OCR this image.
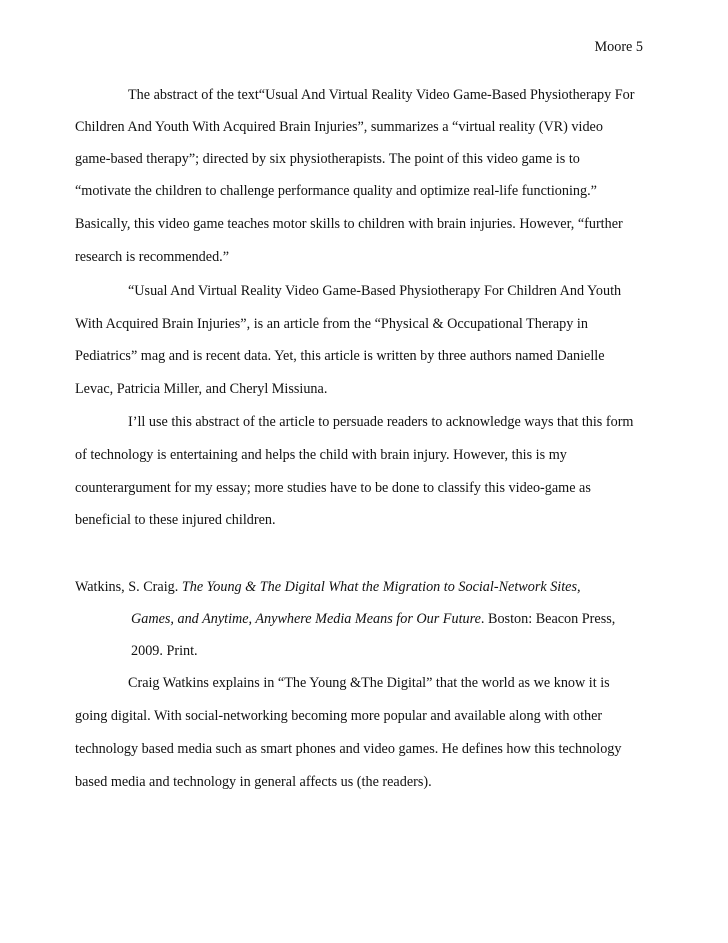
Moore 5
The abstract of the text“Usual And Virtual Reality Video Game-Based Physiotherapy For
Children And Youth With Acquired Brain Injuries”, summarizes a “virtual reality (VR) video
game-based therapy”; directed by six physiotherapists. The point of this video game is to
“motivate the children to challenge performance quality and optimize real-life functioning.”
Basically, this video game teaches motor skills to children with brain injuries. However, “further
research is recommended.”
“Usual And Virtual Reality Video Game-Based Physiotherapy For Children And Youth
With Acquired Brain Injuries”, is an article from the “Physical & Occupational Therapy in
Pediatrics” mag and is recent data. Yet, this article is written by three authors named Danielle
Levac, Patricia Miller, and Cheryl Missiuna.
I’ll use this abstract of the article to persuade readers to acknowledge ways that this form
of technology is entertaining and helps the child with brain injury. However, this is my
counterargument for my essay; more studies have to be done to classify this video-game as
beneficial to these injured children.
Watkins, S. Craig. The Young & The Digital What the Migration to Social-Network Sites,
Games, and Anytime, Anywhere Media Means for Our Future. Boston: Beacon Press,
2009. Print.
Craig Watkins explains in “The Young &The Digital” that the world as we know it is
going digital. With social-networking becoming more popular and available along with other
technology based media such as smart phones and video games. He defines how this technology
based media and technology in general affects us (the readers).
